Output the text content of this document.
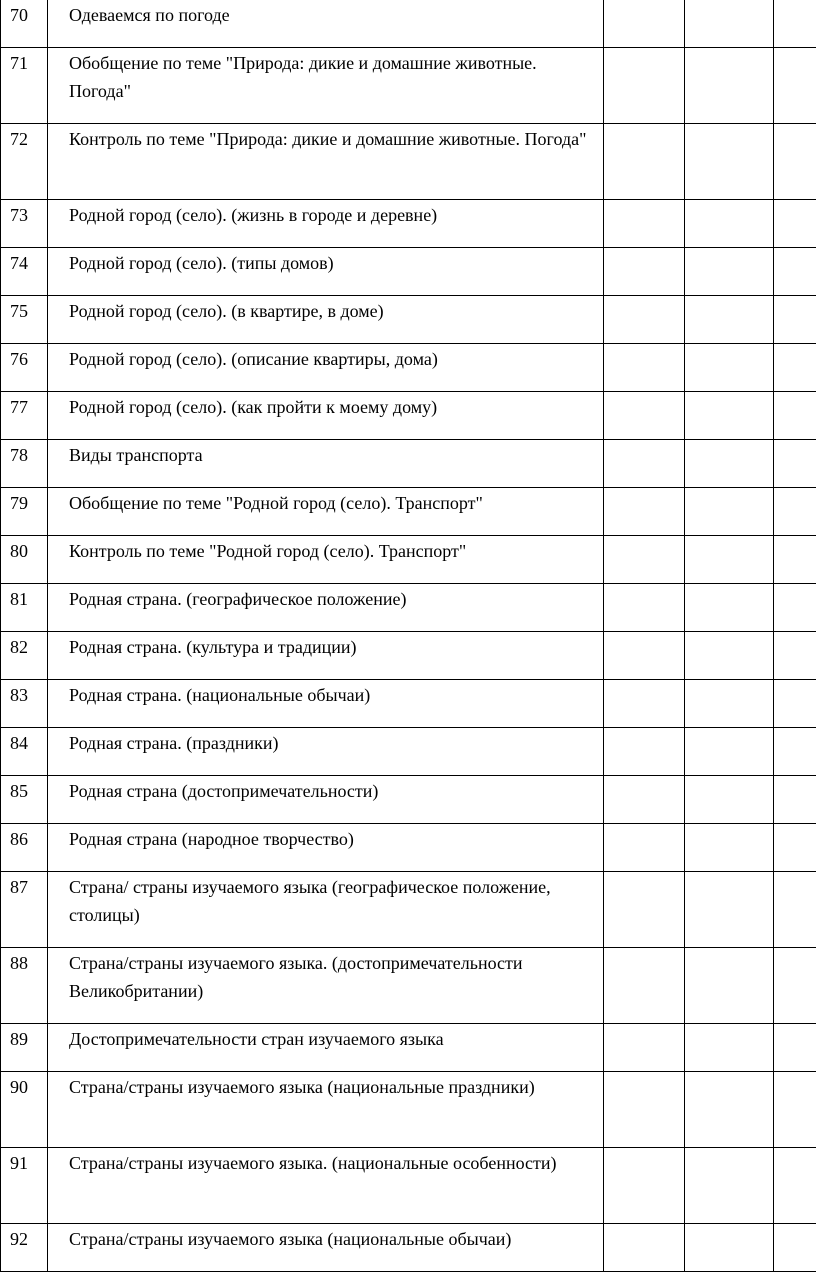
70	Одеваемся по погоде			
71	Обобщение по теме "Природа: дикие и домашние животные. Погода"			
72	Контроль по теме "Природа: дикие и домашние животные. Погода"			
73	Родной город (село). (жизнь в городе и деревне)			
74	Родной город (село). (типы домов)			
75	Родной город (село). (в квартире, в доме)			
76	Родной город (село). (описание квартиры, дома)			
77	Родной город (село). (как пройти к моему дому)			
78	Виды транспорта			
79	Обобщение по теме "Родной город (село). Транспорт"			
80	Контроль по теме "Родной город (село). Транспорт"			
81	Родная страна. (географическое положение)			
82	Родная страна. (культура и традиции)			
83	Родная страна. (национальные обычаи)			
84	Родная страна. (праздники)			
85	Родная страна (достопримечательности)			
86	Родная страна (народное творчество)			
87	Страна/ страны изучаемого языка (географическое положение, столицы)			
88	Страна/страны изучаемого языка. (достопримечательности Великобритании)			
89	Достопримечательности стран изучаемого языка			
90	Страна/страны изучаемого языка (национальные праздники)			
91	Страна/страны изучаемого языка. (национальные особенности)			
92	Страна/страны изучаемого языка (национальные обычаи)			
